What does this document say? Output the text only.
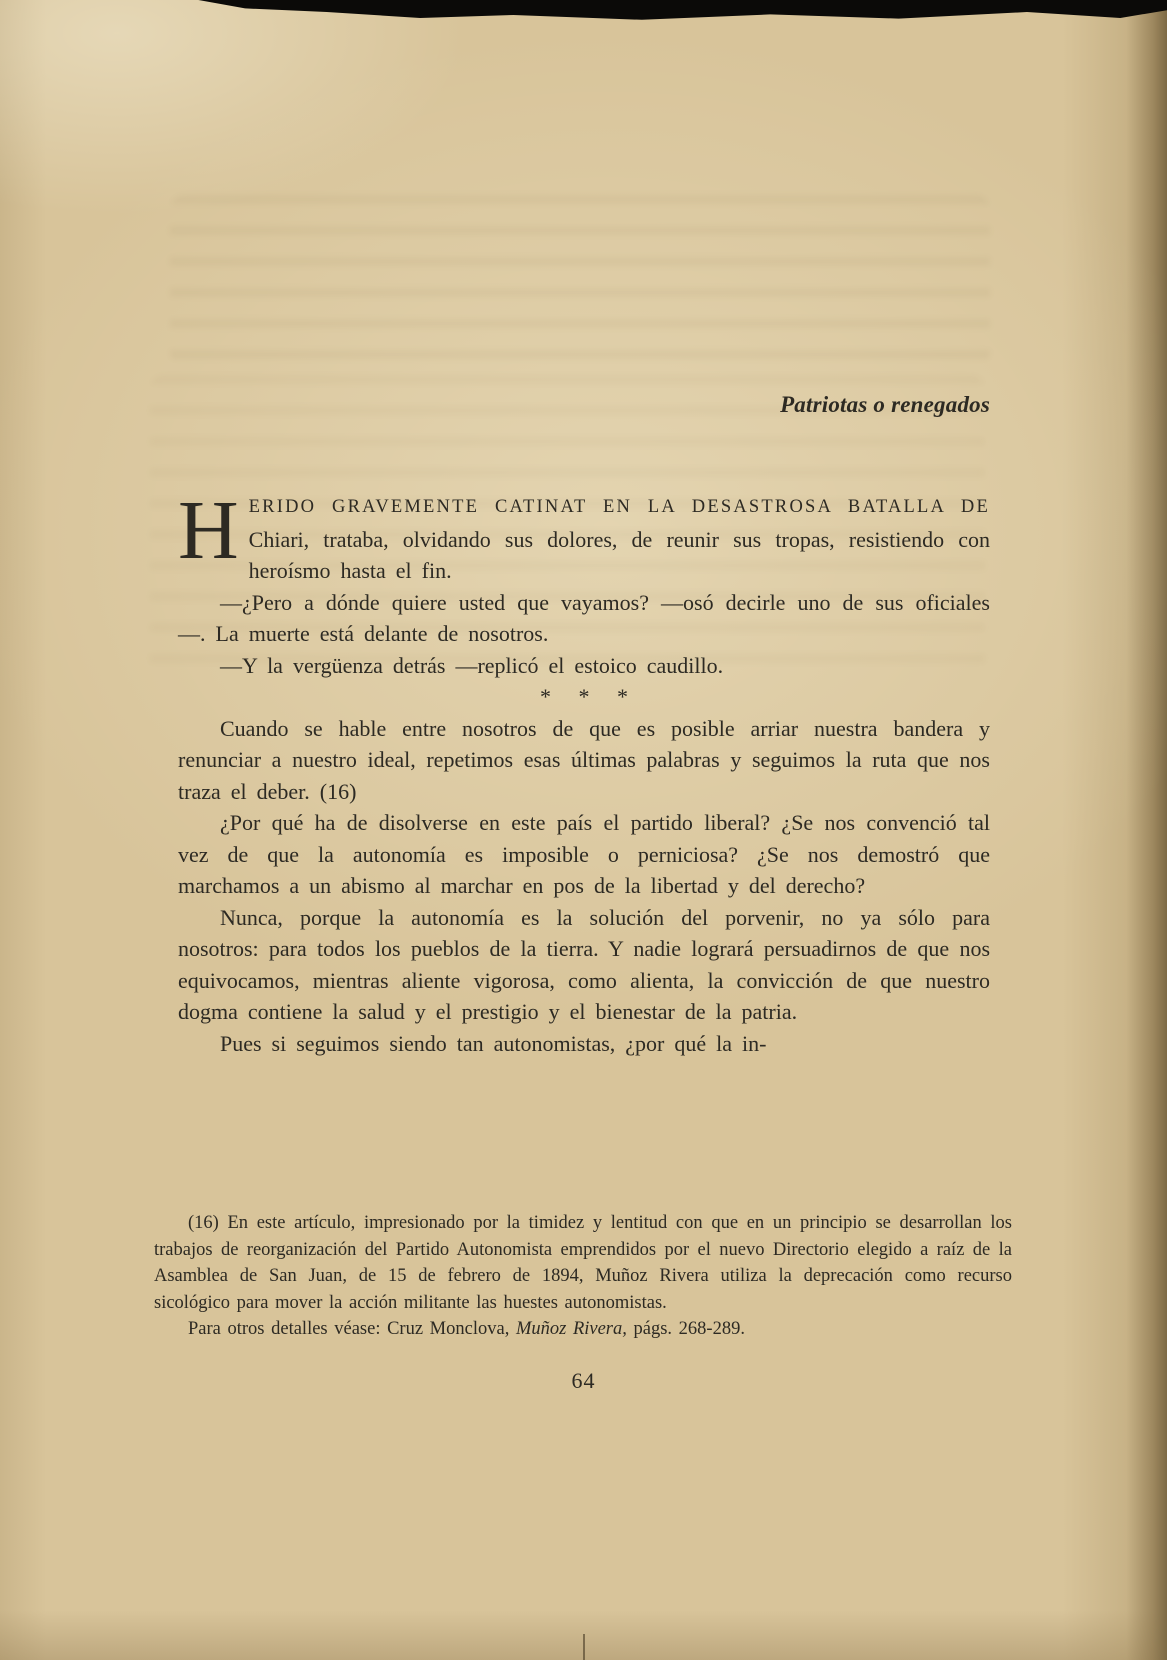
Patriotas o renegados

HERIDO GRAVEMENTE CATINAT EN LA DESASTROSA BATALLA DE Chiari, trataba, olvidando sus dolores, de reunir sus tropas, resistiendo con heroísmo hasta el fin.

—¿Pero a dónde quiere usted que vayamos? —osó decirle uno de sus oficiales—. La muerte está delante de nosotros.

—Y la vergüenza detrás —replicó el estoico caudillo.

* * *

Cuando se hable entre nosotros de que es posible arriar nuestra bandera y renunciar a nuestro ideal, repetimos esas últimas palabras y seguimos la ruta que nos traza el deber. (16)

¿Por qué ha de disolverse en este país el partido liberal? ¿Se nos convenció tal vez de que la autonomía es imposible o perniciosa? ¿Se nos demostró que marchamos a un abismo al marchar en pos de la libertad y del derecho?

Nunca, porque la autonomía es la solución del porvenir, no ya sólo para nosotros: para todos los pueblos de la tierra. Y nadie logrará persuadirnos de que nos equivocamos, mientras aliente vigorosa, como alienta, la convicción de que nuestro dogma contiene la salud y el prestigio y el bienestar de la patria.

Pues si seguimos siendo tan autonomistas, ¿por qué la in-

(16) En este artículo, impresionado por la timidez y lentitud con que en un principio se desarrollan los trabajos de reorganización del Partido Autonomista emprendidos por el nuevo Directorio elegido a raíz de la Asamblea de San Juan, de 15 de febrero de 1894, Muñoz Rivera utiliza la deprecación como recurso sicológico para mover la acción militante las huestes autonomistas.

Para otros detalles véase: Cruz Monclova, Muñoz Rivera, págs. 268-289.

64
